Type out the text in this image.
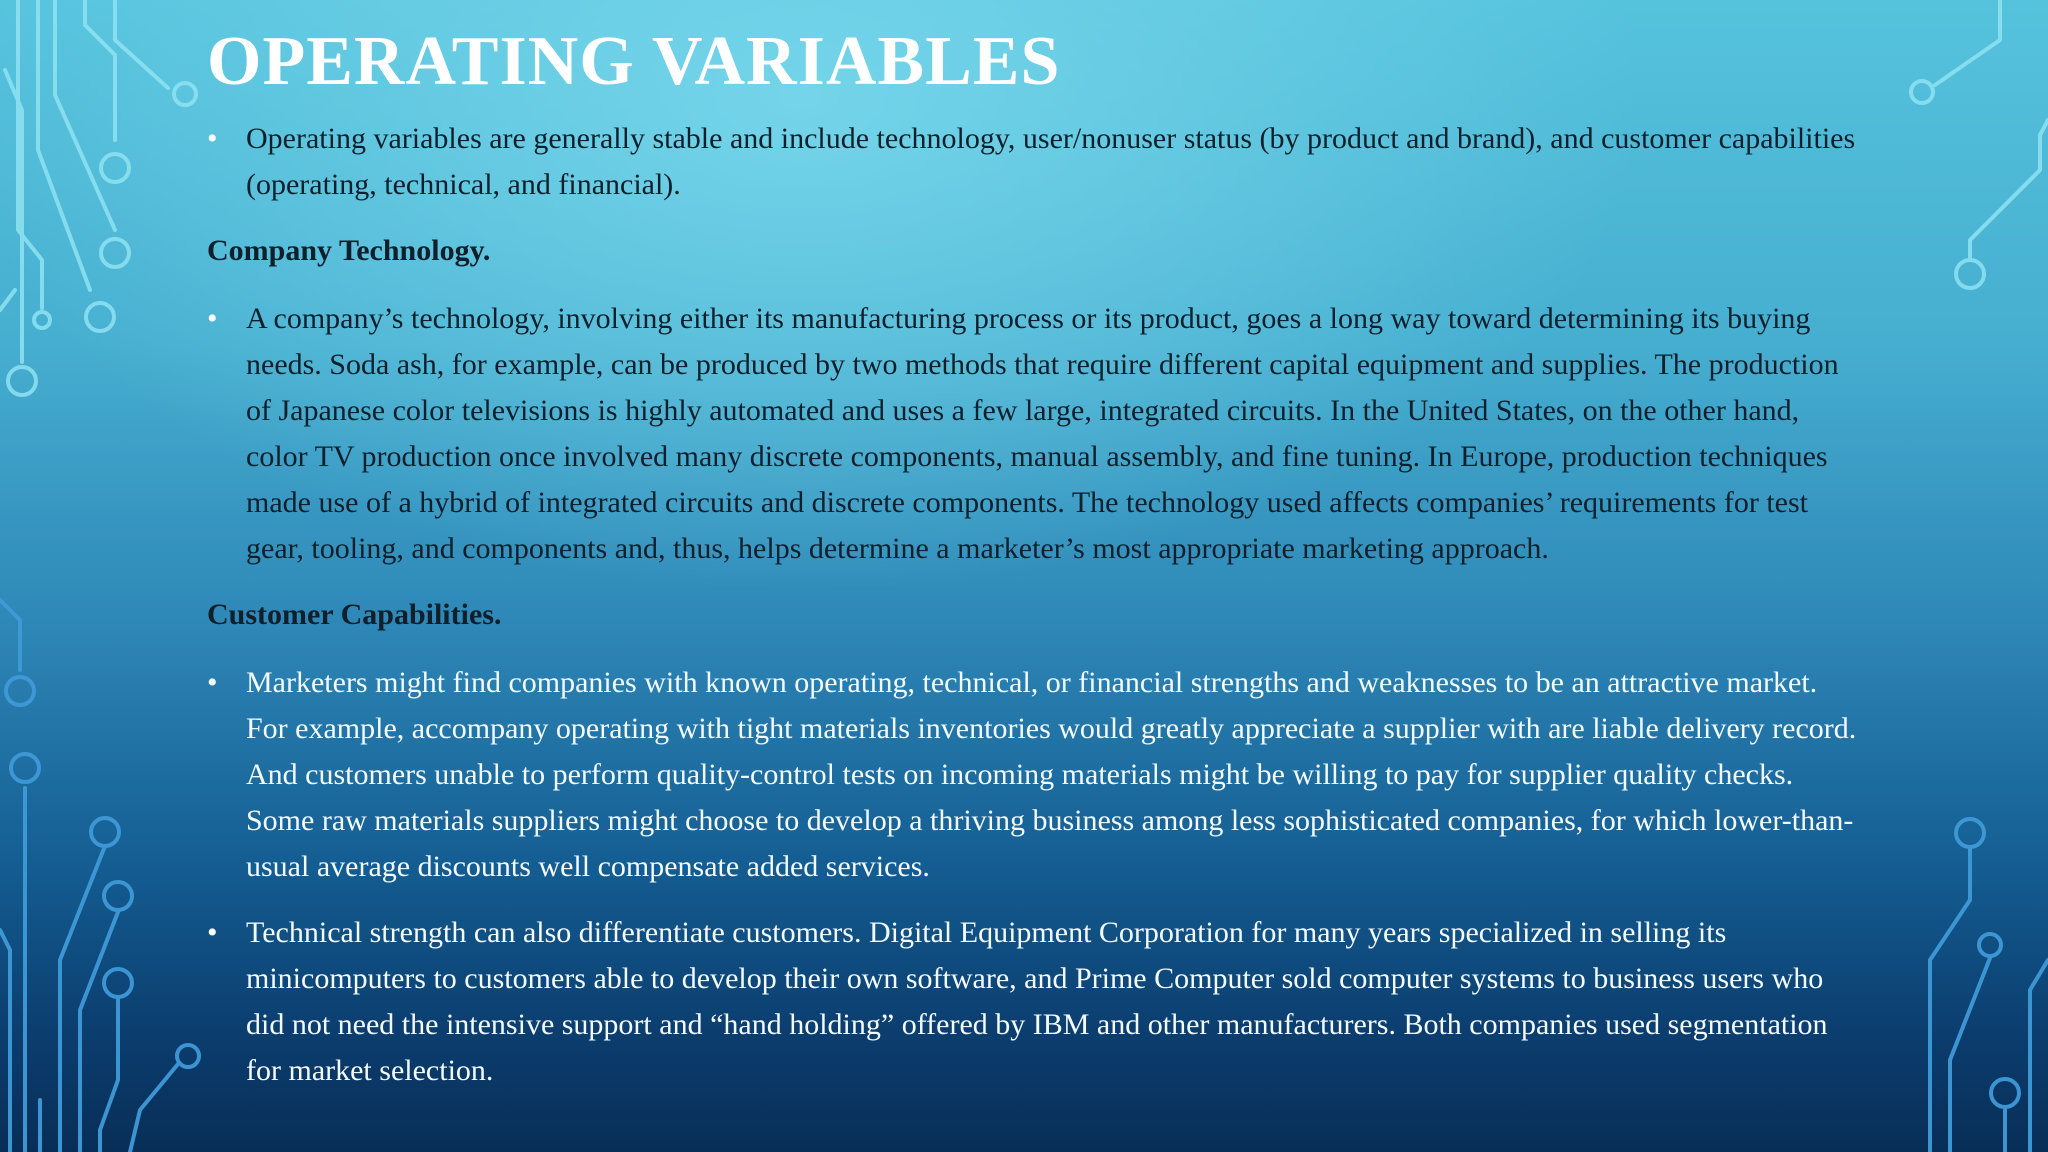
OPERATING VARIABLES
• Operating variables are generally stable and include technology, user/nonuser status (by product and brand), and customer capabilities (operating, technical, and financial).
Company Technology.
• A company’s technology, involving either its manufacturing process or its product, goes a long way toward determining its buying needs. Soda ash, for example, can be produced by two methods that require different capital equipment and supplies. The production of Japanese color televisions is highly automated and uses a few large, integrated circuits. In the United States, on the other hand, color TV production once involved many discrete components, manual assembly, and fine tuning. In Europe, production techniques made use of a hybrid of integrated circuits and discrete components. The technology used affects companies’ requirements for test gear, tooling, and components and, thus, helps determine a marketer’s most appropriate marketing approach.
Customer Capabilities.
• Marketers might find companies with known operating, technical, or financial strengths and weaknesses to be an attractive market. For example, accompany operating with tight materials inventories would greatly appreciate a supplier with are liable delivery record. And customers unable to perform quality-control tests on incoming materials might be willing to pay for supplier quality checks. Some raw materials suppliers might choose to develop a thriving business among less sophisticated companies, for which lower-than-usual average discounts well compensate added services.
• Technical strength can also differentiate customers. Digital Equipment Corporation for many years specialized in selling its minicomputers to customers able to develop their own software, and Prime Computer sold computer systems to business users who did not need the intensive support and “hand holding” offered by IBM and other manufacturers. Both companies used segmentation for market selection.
